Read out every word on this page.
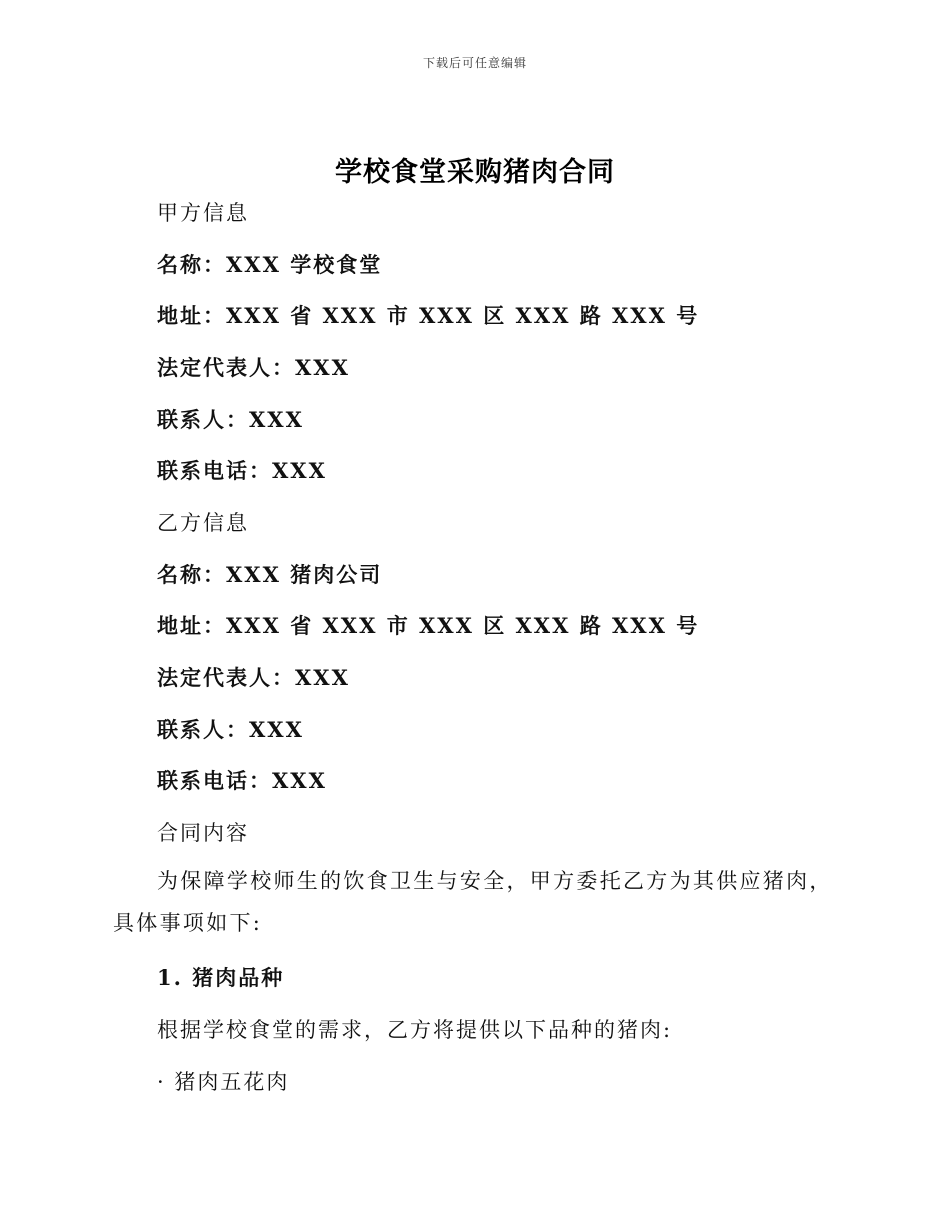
下载后可任意编辑
学校食堂采购猪肉合同
甲方信息
名称：XXX 学校食堂
地址：XXX 省 XXX 市 XXX 区 XXX 路 XXX 号
法定代表人：XXX
联系人：XXX
联系电话：XXX
乙方信息
名称：XXX 猪肉公司
地址：XXX 省 XXX 市 XXX 区 XXX 路 XXX 号
法定代表人：XXX
联系人：XXX
联系电话：XXX
合同内容
为保障学校师生的饮食卫生与安全，甲方委托乙方为其供应猪肉，具体事项如下:
1. 猪肉品种
根据学校食堂的需求，乙方将提供以下品种的猪肉:
· 猪肉五花肉
